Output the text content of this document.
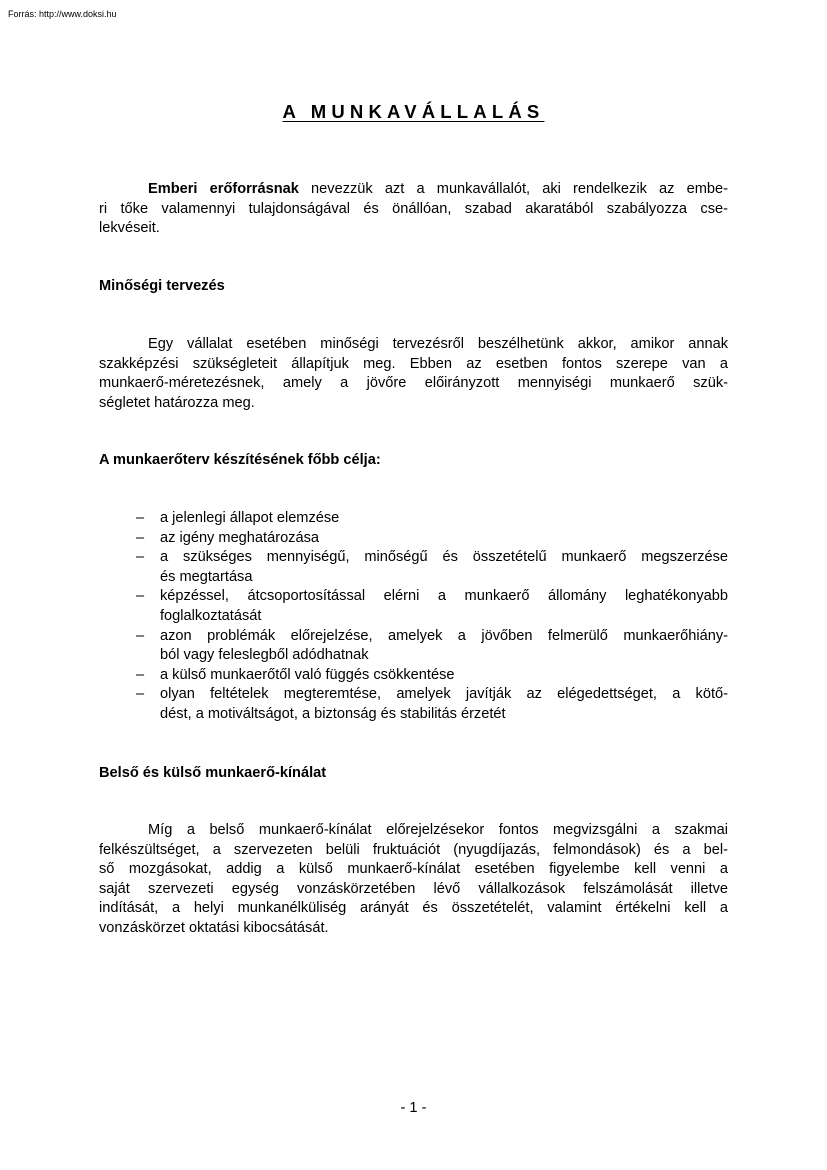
Forrás: http://www.doksi.hu
A MUNKAVÁLLALÁS

Emberi erőforrásnak nevezzük azt a munkavállalót, aki rendelkezik az embe-
ri tőke valamennyi tulajdonságával és önállóan, szabad akaratából szabályozza cse-
lekvéseit.

Minőségi tervezés

Egy vállalat esetében minőségi tervezésről beszélhetünk akkor, amikor annak
szakképzési szükségleteit állapítjuk meg. Ebben az esetben fontos szerepe van a
munkaerő-méretezésnek, amely a jövőre előirányzott mennyiségi munkaerő szük-
ségletet határozza meg.

A munkaerőterv készítésének főbb célja:

– a jelenlegi állapot elemzése
– az igény meghatározása
– a szükséges mennyiségű, minőségű és összetételű munkaerő megszerzése
és megtartása
– képzéssel, átcsoportosítással elérni a munkaerő állomány leghatékonyabb
foglalkoztatását
– azon problémák előrejelzése, amelyek a jövőben felmerülő munkaerőhiány-
ból vagy feleslegből adódhatnak
– a külső munkaerőtől való függés csökkentése
– olyan feltételek megteremtése, amelyek javítják az elégedettséget, a kötő-
dést, a motiváltságot, a biztonság és stabilitás érzetét

Belső és külső munkaerő-kínálat

Míg a belső munkaerő-kínálat előrejelzésekor fontos megvizsgálni a szakmai
felkészültséget, a szervezeten belüli fruktuációt (nyugdíjazás, felmondások) és a bel-
ső mozgásokat, addig a külső munkaerő-kínálat esetében figyelembe kell venni a
saját szervezeti egység vonzáskörzetében lévő vállalkozások felszámolását illetve
indítását, a helyi munkanélküliség arányát és összetételét, valamint értékelni kell a
vonzáskörzet oktatási kibocsátását.

- 1 -
